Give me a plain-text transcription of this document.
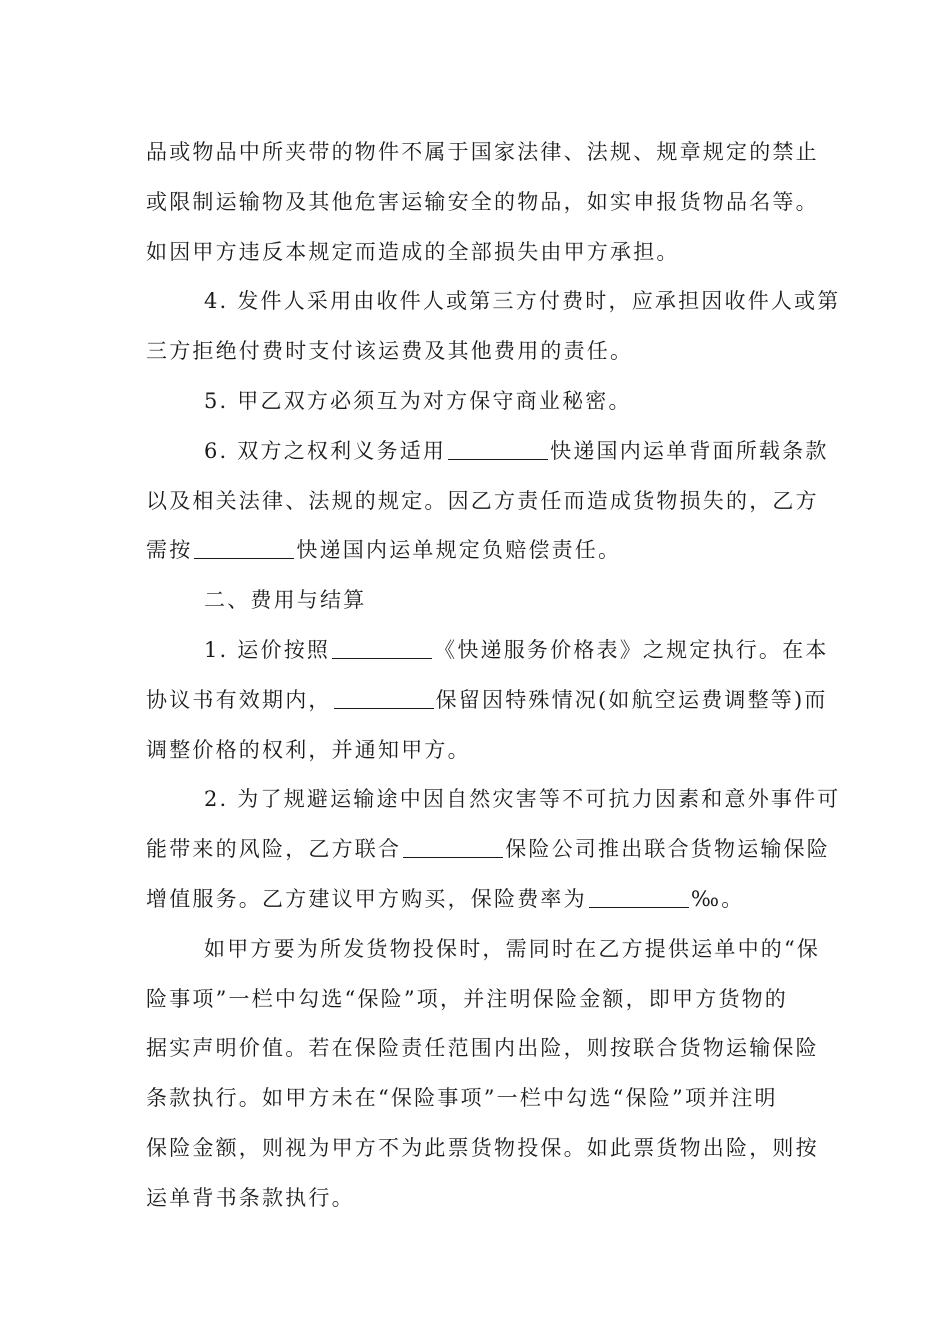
品或物品中所夹带的物件不属于国家法律、法规、规章规定的禁止
或限制运输物及其他危害运输安全的物品，如实申报货物品名等。
如因甲方违反本规定而造成的全部损失由甲方承担。
4. 发件人采用由收件人或第三方付费时，应承担因收件人或第
三方拒绝付费时支付该运费及其他费用的责任。
5. 甲乙双方必须互为对方保守商业秘密。
6. 双方之权利义务适用	快递国内运单背面所载条款
以及相关法律、法规的规定。因乙方责任而造成货物损失的，乙方
需按	快递国内运单规定负赔偿责任。
二、费用与结算
1. 运价按照	《快递服务价格表》之规定执行。在本
协议书有效期内，	保留因特殊情况(如航空运费调整等)而
调整价格的权利，并通知甲方。
2. 为了规避运输途中因自然灾害等不可抗力因素和意外事件可
能带来的风险，乙方联合	保险公司推出联合货物运输保险
增值服务。乙方建议甲方购买，保险费率为	‰。
如甲方要为所发货物投保时，需同时在乙方提供运单中的“保
险事项”一栏中勾选“保险”项，并注明保险金额，即甲方货物的
据实声明价值。若在保险责任范围内出险，则按联合货物运输保险
条款执行。如甲方未在“保险事项”一栏中勾选“保险”项并注明
保险金额，则视为甲方不为此票货物投保。如此票货物出险，则按
运单背书条款执行。
